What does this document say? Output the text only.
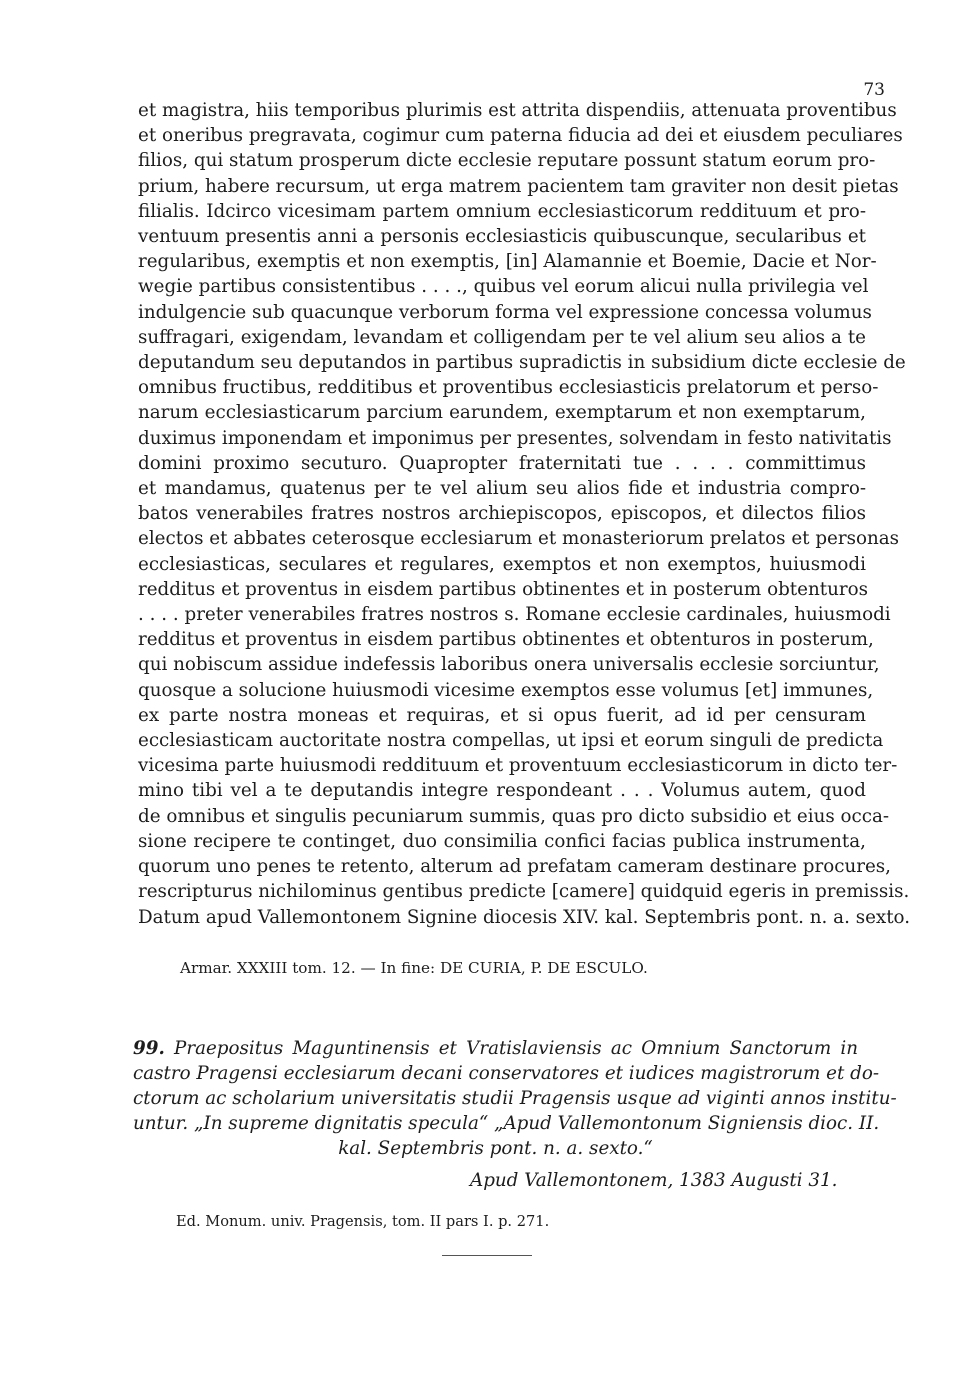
73
et magistra, hiis temporibus plurimis est attrita dispendiis, attenuata proventibus
et oneribus pregravata, cogimur cum paterna fiducia ad dei et eiusdem peculiares
filios, qui statum prosperum dicte ecclesie reputare possunt statum eorum pro-
prium, habere recursum, ut erga matrem pacientem tam graviter non desit pietas
filialis. Idcirco vicesimam partem omnium ecclesiasticorum reddituum et pro-
ventuum presentis anni a personis ecclesiasticis quibuscunque, secularibus et
regularibus, exemptis et non exemptis, [in] Alamannie et Boemie, Dacie et Nor-
wegie partibus consistentibus . . . ., quibus vel eorum alicui nulla privilegia vel
indulgencie sub quacunque verborum forma vel expressione concessa volumus
suffragari, exigendam, levandam et colligendam per te vel alium seu alios a te
deputandum seu deputandos in partibus supradictis in subsidium dicte ecclesie de
omnibus fructibus, redditibus et proventibus ecclesiasticis prelatorum et perso-
narum ecclesiasticarum parcium earundem, exemptarum et non exemptarum,
duximus imponendam et imponimus per presentes, solvendam in festo nativitatis
domini proximo secuturo. Quapropter fraternitati tue . . . . committimus
et mandamus, quatenus per te vel alium seu alios fide et industria compro-
batos venerabiles fratres nostros archiepiscopos, episcopos, et dilectos filios
electos et abbates ceterosque ecclesiarum et monasteriorum prelatos et personas
ecclesiasticas, seculares et regulares, exemptos et non exemptos, huiusmodi
redditus et proventus in eisdem partibus obtinentes et in posterum obtenturos
. . . . preter venerabiles fratres nostros s. Romane ecclesie cardinales, huiusmodi
redditus et proventus in eisdem partibus obtinentes et obtenturos in posterum,
qui nobiscum assidue indefessis laboribus onera universalis ecclesie sorciuntur,
quosque a solucione huiusmodi vicesime exemptos esse volumus [et] immunes,
ex parte nostra moneas et requiras, et si opus fuerit, ad id per censuram
ecclesiasticam auctoritate nostra compellas, ut ipsi et eorum singuli de predicta
vicesima parte huiusmodi reddituum et proventuum ecclesiasticorum in dicto ter-
mino tibi vel a te deputandis integre respondeant . . . Volumus autem, quod
de omnibus et singulis pecuniarum summis, quas pro dicto subsidio et eius occa-
sione recipere te continget, duo consimilia confici facias publica instrumenta,
quorum uno penes te retento, alterum ad prefatam cameram destinare procures,
rescripturus nichilominus gentibus predicte [camere] quidquid egeris in premissis.
Datum apud Vallemontonem Signine diocesis XIV. kal. Septembris pont. n. a. sexto.
Armar. XXXIII tom. 12. — In fine: DE CURIA, P. DE ESCULO.
99. Praepositus Maguntinensis et Vratislaviensis ac Omnium Sanctorum in
castro Pragensi ecclesiarum decani conservatores et iudices magistrorum et do-
ctorum ac scholarium universitatis studii Pragensis usque ad viginti annos institu-
untur. „In supreme dignitatis specula“ „Apud Vallemontonum Signiensis dioc. II.
kal. Septembris pont. n. a. sexto.“
Apud Vallemontonem, 1383 Augusti 31.
Ed. Monum. univ. Pragensis, tom. II pars I. p. 271.
